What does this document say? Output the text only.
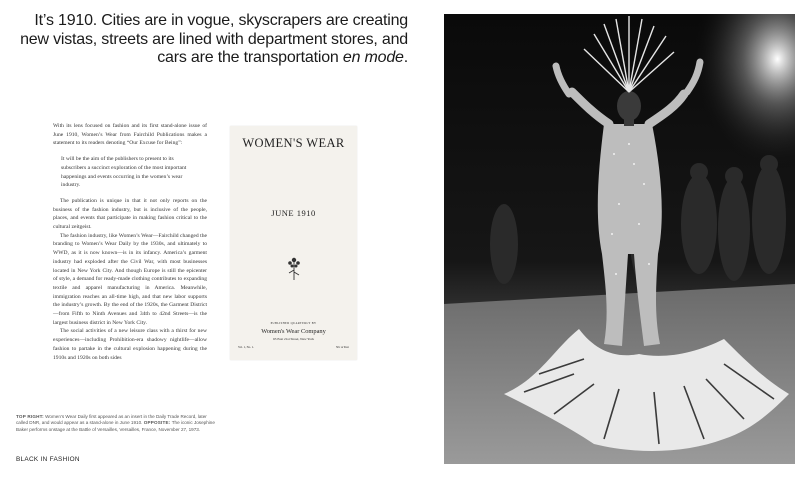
It’s 1910. Cities are in vogue, skyscrapers are creating new vistas, streets are lined with department stores, and cars are the transportation en mode.

With its lens focused on fashion and its first stand-alone issue of June 1910, Women’s Wear from Fairchild Publications makes a statement to its readers denoting “Our Excuse for Being”:

It will be the aim of the publishers to present to its subscribers a succinct exploration of the most important happenings and events occurring in the women’s wear industry.

The publication is unique in that it not only reports on the business of the fashion industry, but is inclusive of the people, places, and events that participate in making fashion critical to the cultural zeitgeist.

The fashion industry, like Women’s Wear—Fairchild changed the branding to Women’s Wear Daily by the 1930s, and ultimately to WWD, as it is now known—is in its infancy. America’s garment industry had exploded after the Civil War, with most businesses located in New York City. And though Europe is still the epicenter of style, a demand for ready-made clothing contributes to expanding textile and apparel manufacturing in America. Meanwhile, immigration reaches an all-time high, and that new labor supports the industry’s growth. By the end of the 1920s, the Garment District—from Fifth to Ninth Avenues and 34th to 42nd Streets—is the largest business district in New York City.

The social activities of a new leisure class with a thirst for new experiences—including Prohibition-era shadowy nightlife—allow fashion to partake in the cultural explosion happening during the 1910s and 1920s on both sides

TOP RIGHT: Women’s Wear Daily first appeared as an insert in the Daily Trade Record, later called DNR, and would appear as a stand-alone in June 1910. OPPOSITE: The iconic Josephine Baker performs onstage at the Battle of Versailles, Versailles, France, November 27, 1973.
BLACK IN FASHION
WOMEN'S WEAR
JUNE 1910
PUBLISHED QUARTERLY BY
Women's Wear Company
63 East 21st Street, New York
Vol. 1, No. 1.	50c A Year
